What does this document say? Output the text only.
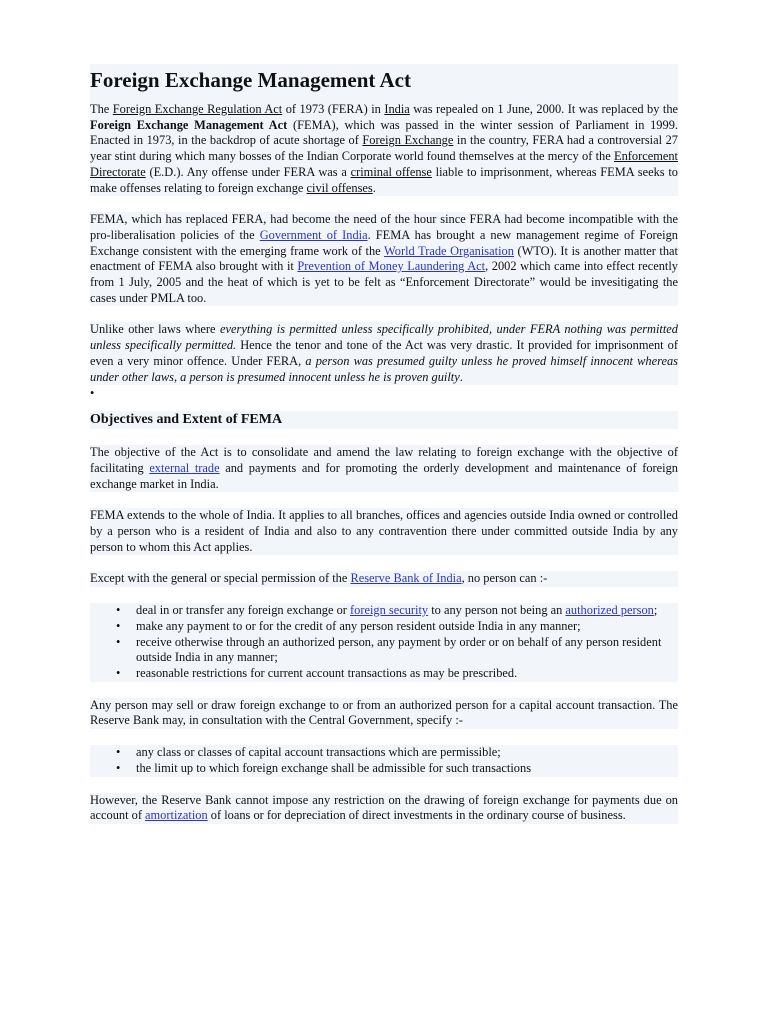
Foreign Exchange Management Act

The Foreign Exchange Regulation Act of 1973 (FERA) in India was repealed on 1 June, 2000. It was replaced by the Foreign Exchange Management Act (FEMA), which was passed in the winter session of Parliament in 1999. Enacted in 1973, in the backdrop of acute shortage of Foreign Exchange in the country, FERA had a controversial 27 year stint during which many bosses of the Indian Corporate world found themselves at the mercy of the Enforcement Directorate (E.D.). Any offense under FERA was a criminal offense liable to imprisonment, whereas FEMA seeks to make offenses relating to foreign exchange civil offenses.

FEMA, which has replaced FERA, had become the need of the hour since FERA had become incompatible with the pro-liberalisation policies of the Government of India. FEMA has brought a new management regime of Foreign Exchange consistent with the emerging frame work of the World Trade Organisation (WTO). It is another matter that enactment of FEMA also brought with it Prevention of Money Laundering Act, 2002 which came into effect recently from 1 July, 2005 and the heat of which is yet to be felt as “Enforcement Directorate” would be invesitigating the cases under PMLA too.

Unlike other laws where everything is permitted unless specifically prohibited, under FERA nothing was permitted unless specifically permitted. Hence the tenor and tone of the Act was very drastic. It provided for imprisonment of even a very minor offence. Under FERA, a person was presumed guilty unless he proved himself innocent whereas under other laws, a person is presumed innocent unless he is proven guilty.

•
Objectives and Extent of FEMA

The objective of the Act is to consolidate and amend the law relating to foreign exchange with the objective of facilitating external trade and payments and for promoting the orderly development and maintenance of foreign exchange market in India.

FEMA extends to the whole of India. It applies to all branches, offices and agencies outside India owned or controlled by a person who is a resident of India and also to any contravention there under committed outside India by any person to whom this Act applies.

Except with the general or special permission of the Reserve Bank of India, no person can :-

• deal in or transfer any foreign exchange or foreign security to any person not being an authorized person;
• make any payment to or for the credit of any person resident outside India in any manner;
• receive otherwise through an authorized person, any payment by order or on behalf of any person resident outside India in any manner;
• reasonable restrictions for current account transactions as may be prescribed.

Any person may sell or draw foreign exchange to or from an authorized person for a capital account transaction. The Reserve Bank may, in consultation with the Central Government, specify :-

• any class or classes of capital account transactions which are permissible;
• the limit up to which foreign exchange shall be admissible for such transactions

However, the Reserve Bank cannot impose any restriction on the drawing of foreign exchange for payments due on account of amortization of loans or for depreciation of direct investments in the ordinary course of business.
